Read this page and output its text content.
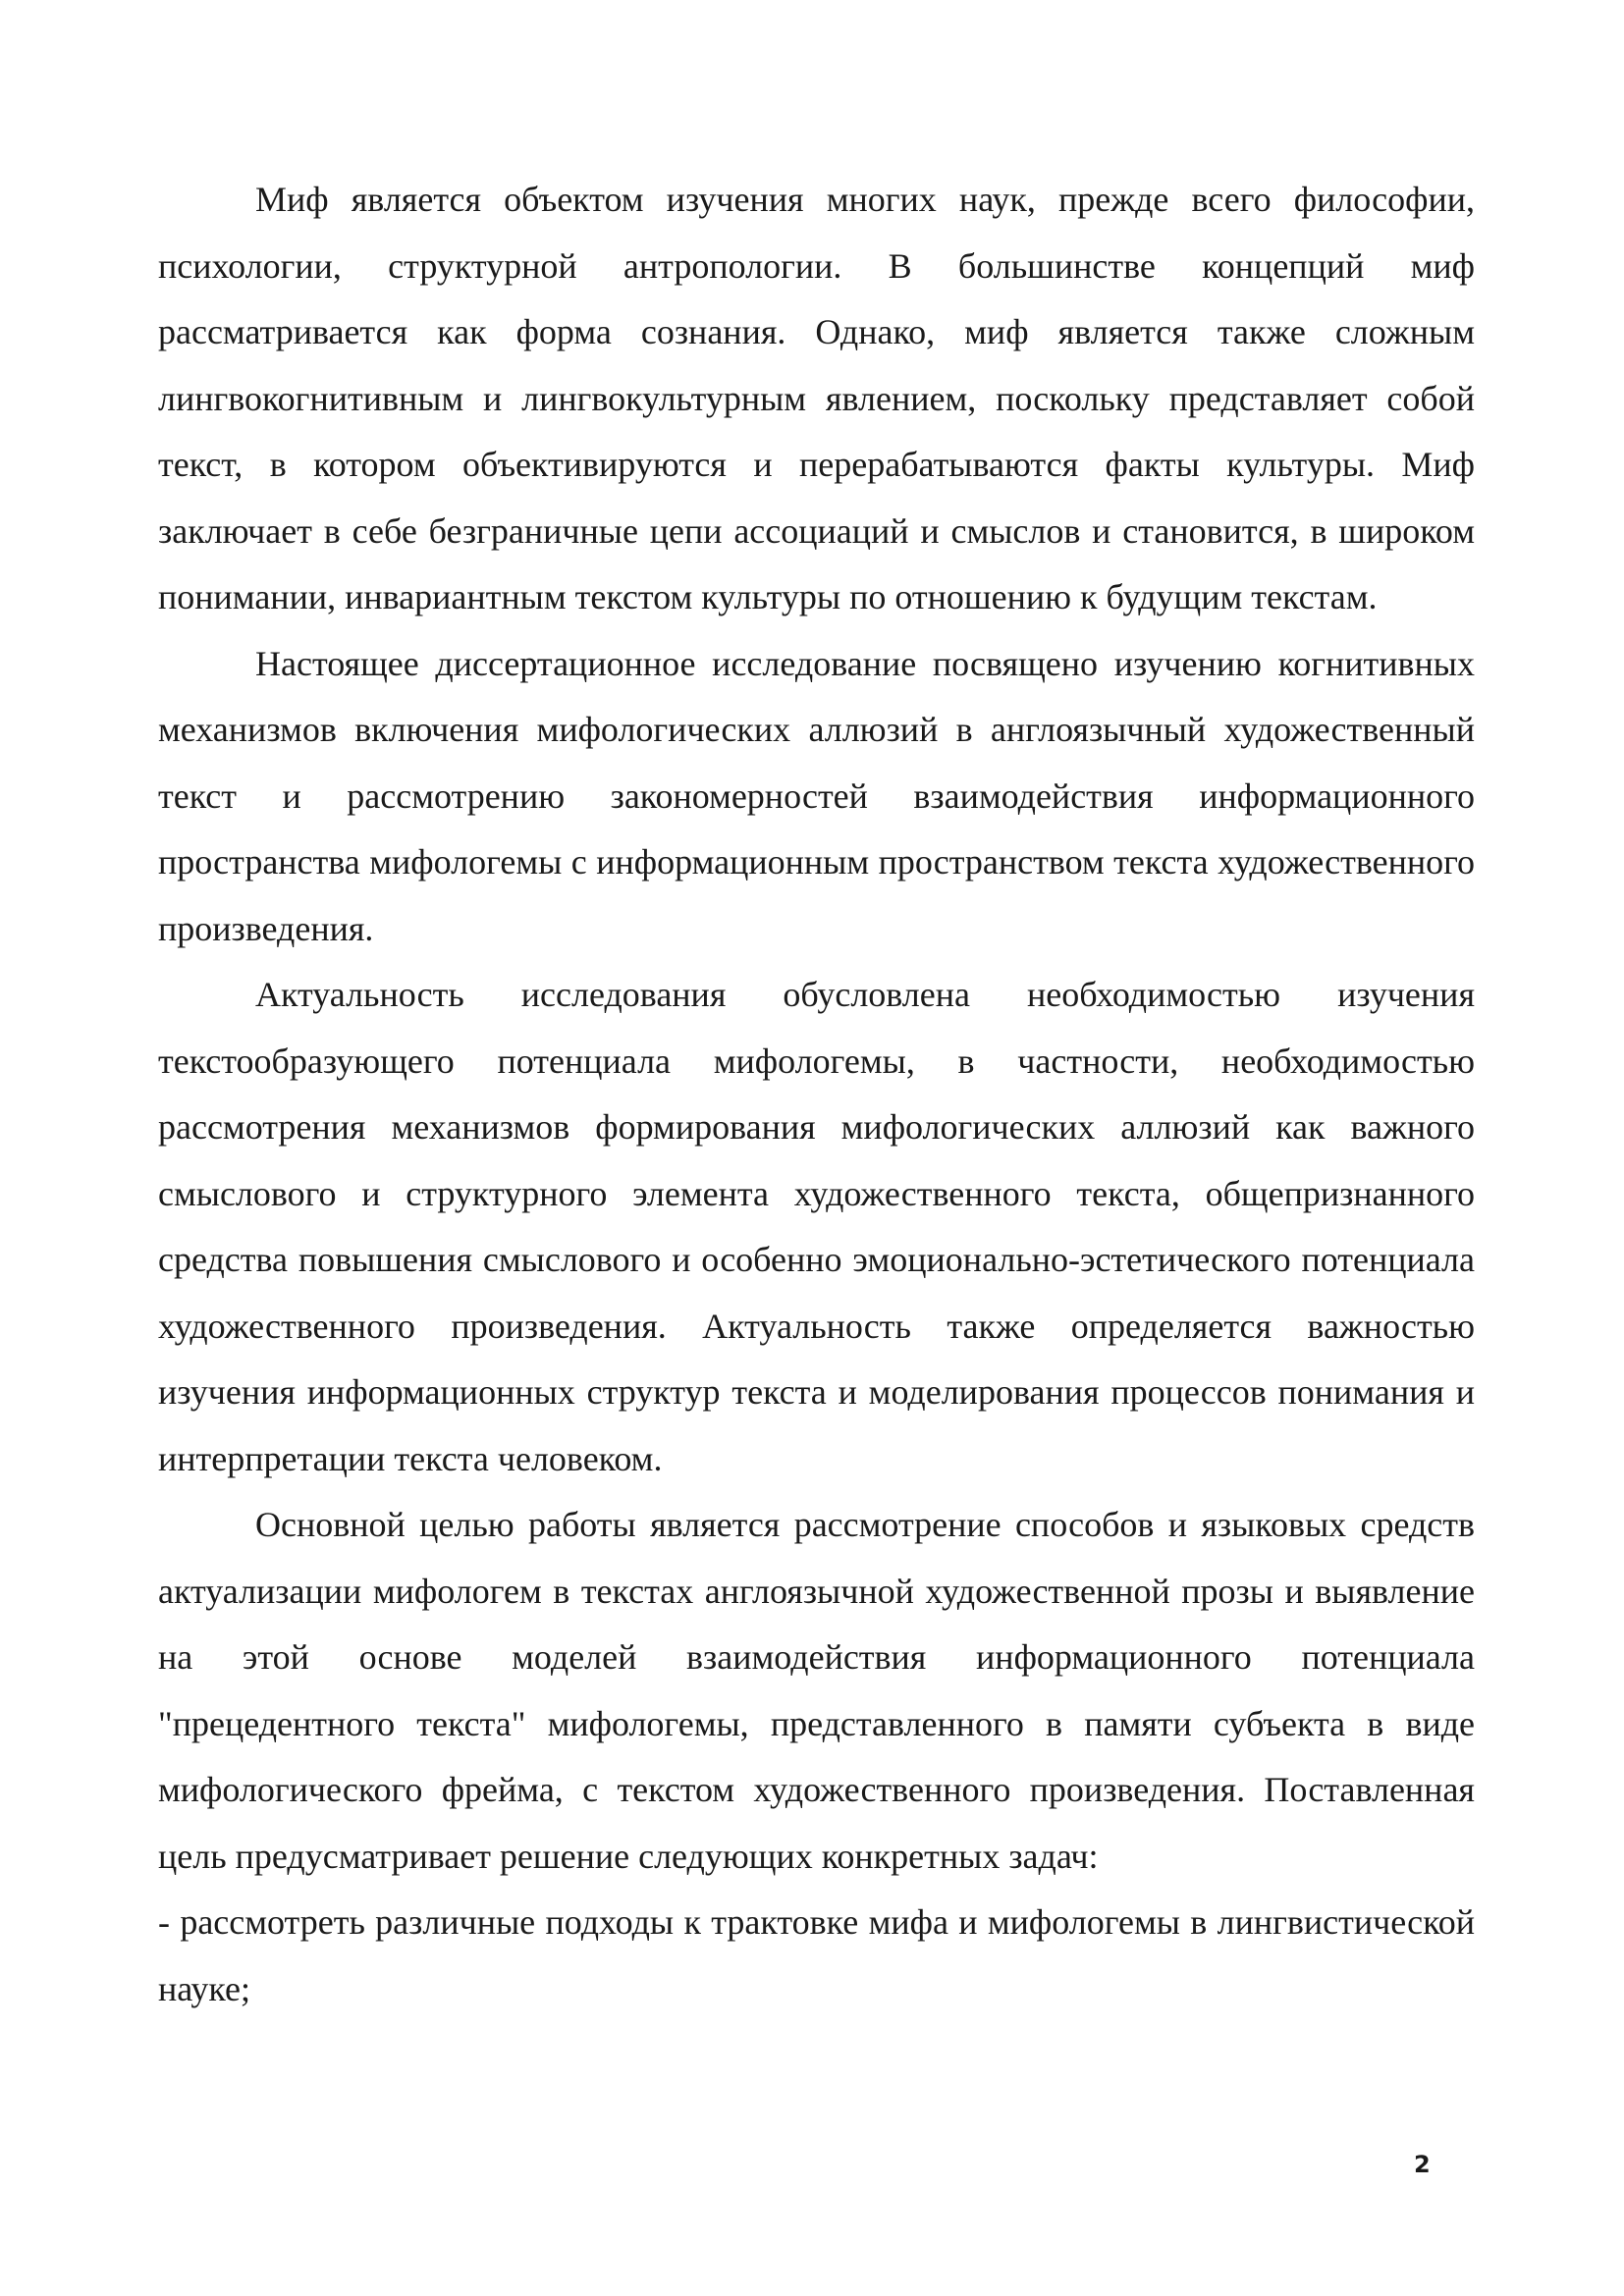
Миф является объектом изучения многих наук, прежде всего философии, психологии, структурной антропологии. В большинстве концепций миф рассматривается как форма сознания. Однако, миф является также сложным лингвокогнитивным и лингвокультурным явлением, поскольку представляет собой текст, в котором объективируются и перерабатываются факты культуры. Миф заключает в себе безграничные цепи ассоциаций и смыслов и становится, в широком понимании, инвариантным текстом культуры по отношению к будущим текстам.

Настоящее диссертационное исследование посвящено изучению когнитивных механизмов включения мифологических аллюзий в англоязычный художественный текст и рассмотрению закономерностей взаимодействия информационного пространства мифологемы с информационным пространством текста художественного произведения.

Актуальность исследования обусловлена необходимостью изучения текстообразующего потенциала мифологемы, в частности, необходимостью рассмотрения механизмов формирования мифологических аллюзий как важного смыслового и структурного элемента художественного текста, общепризнанного средства повышения смыслового и особенно эмоционально-эстетического потенциала художественного произведения. Актуальность также определяется важностью изучения информационных структур текста и моделирования процессов понимания и интерпретации текста человеком.

Основной целью работы является рассмотрение способов и языковых средств актуализации мифологем в текстах англоязычной художественной прозы и выявление на этой основе моделей взаимодействия информационного потенциала "прецедентного текста" мифологемы, представленного в памяти субъекта в виде мифологического фрейма, с текстом художественного произведения. Поставленная цель предусматривает решение следующих конкретных задач:

- рассмотреть различные подходы к трактовке мифа и мифологемы в лингвистической науке;

2
